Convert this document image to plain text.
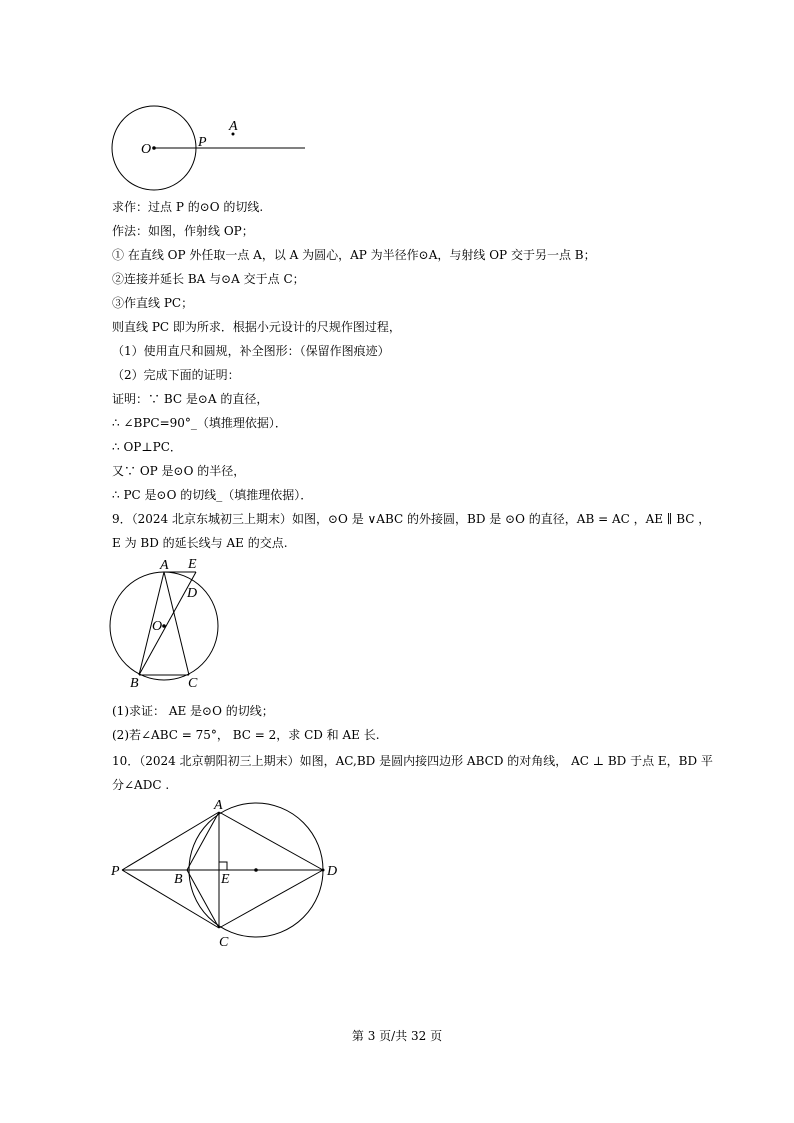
O	P
A
求作：过点 P 的⊙O 的切线.
作法：如图，作射线 OP；
① 在直线 OP 外任取一点 A，以 A 为圆心，AP 为半径作⊙A，与射线 OP 交于另一点 B；
②连接并延长 BA 与⊙A 交于点 C；
③作直线 PC；
则直线 PC 即为所求．根据小元设计的尺规作图过程，
（1）使用直尺和圆规，补全图形：（保留作图痕迹）
（2）完成下面的证明：
证明：∵ BC 是⊙A 的直径，
∴ ∠BPC=90°_（填推理依据）．
∴ OP⊥PC．
又∵ OP 是⊙O 的半径，
∴ PC 是⊙O 的切线_（填推理依据）．
9．（2024 北京东城初三上期末）如图，⊙O 是 ∨ABC 的外接圆，BD 是 ⊙O 的直径，AB = AC ，AE ∥ BC ，
E 为 BD 的延长线与 AE 的交点.
A E
D
O
B	C
(1)求证： AE 是⊙O 的切线；
(2)若∠ABC = 75°， BC = 2，求 CD 和 AE 长.
10．（2024 北京朝阳初三上期末）如图，AC,BD 是圆内接四边形 ABCD 的对角线， AC ⊥ BD 于点 E，BD 平
分∠ADC .
A
P
B	E
D
C
第 3 页/共 32 页
